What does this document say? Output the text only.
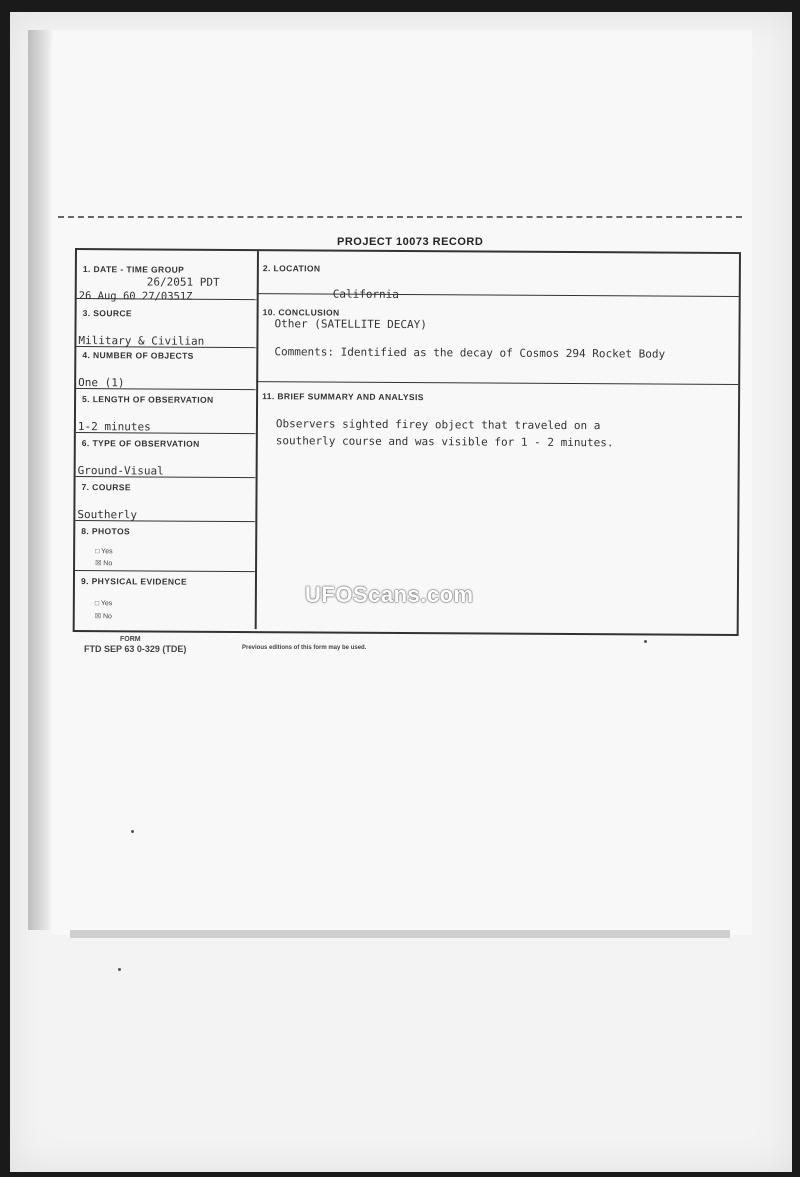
PROJECT 10073 RECORD
1. DATE - TIME GROUP
26/2051 PDT
26 Aug 60 27/0351Z
2. LOCATION
California
3. SOURCE
Military & Civilian
4. NUMBER OF OBJECTS
One (1)
5. LENGTH OF OBSERVATION
1-2 minutes
6. TYPE OF OBSERVATION
Ground-Visual
7. COURSE
Southerly
8. PHOTOS
□ Yes
☒ No
9. PHYSICAL EVIDENCE
□ Yes
☒ No
10. CONCLUSION
Other (SATELLITE DECAY)
Comments: Identified as the decay of Cosmos 294 Rocket Body
11. BRIEF SUMMARY AND ANALYSIS
Observers sighted firey object that traveled on a
southerly course and was visible for 1 - 2 minutes.
UFOScans.com
FORM
FTD SEP 63 0-329 (TDE)	Previous editions of this form may be used.
